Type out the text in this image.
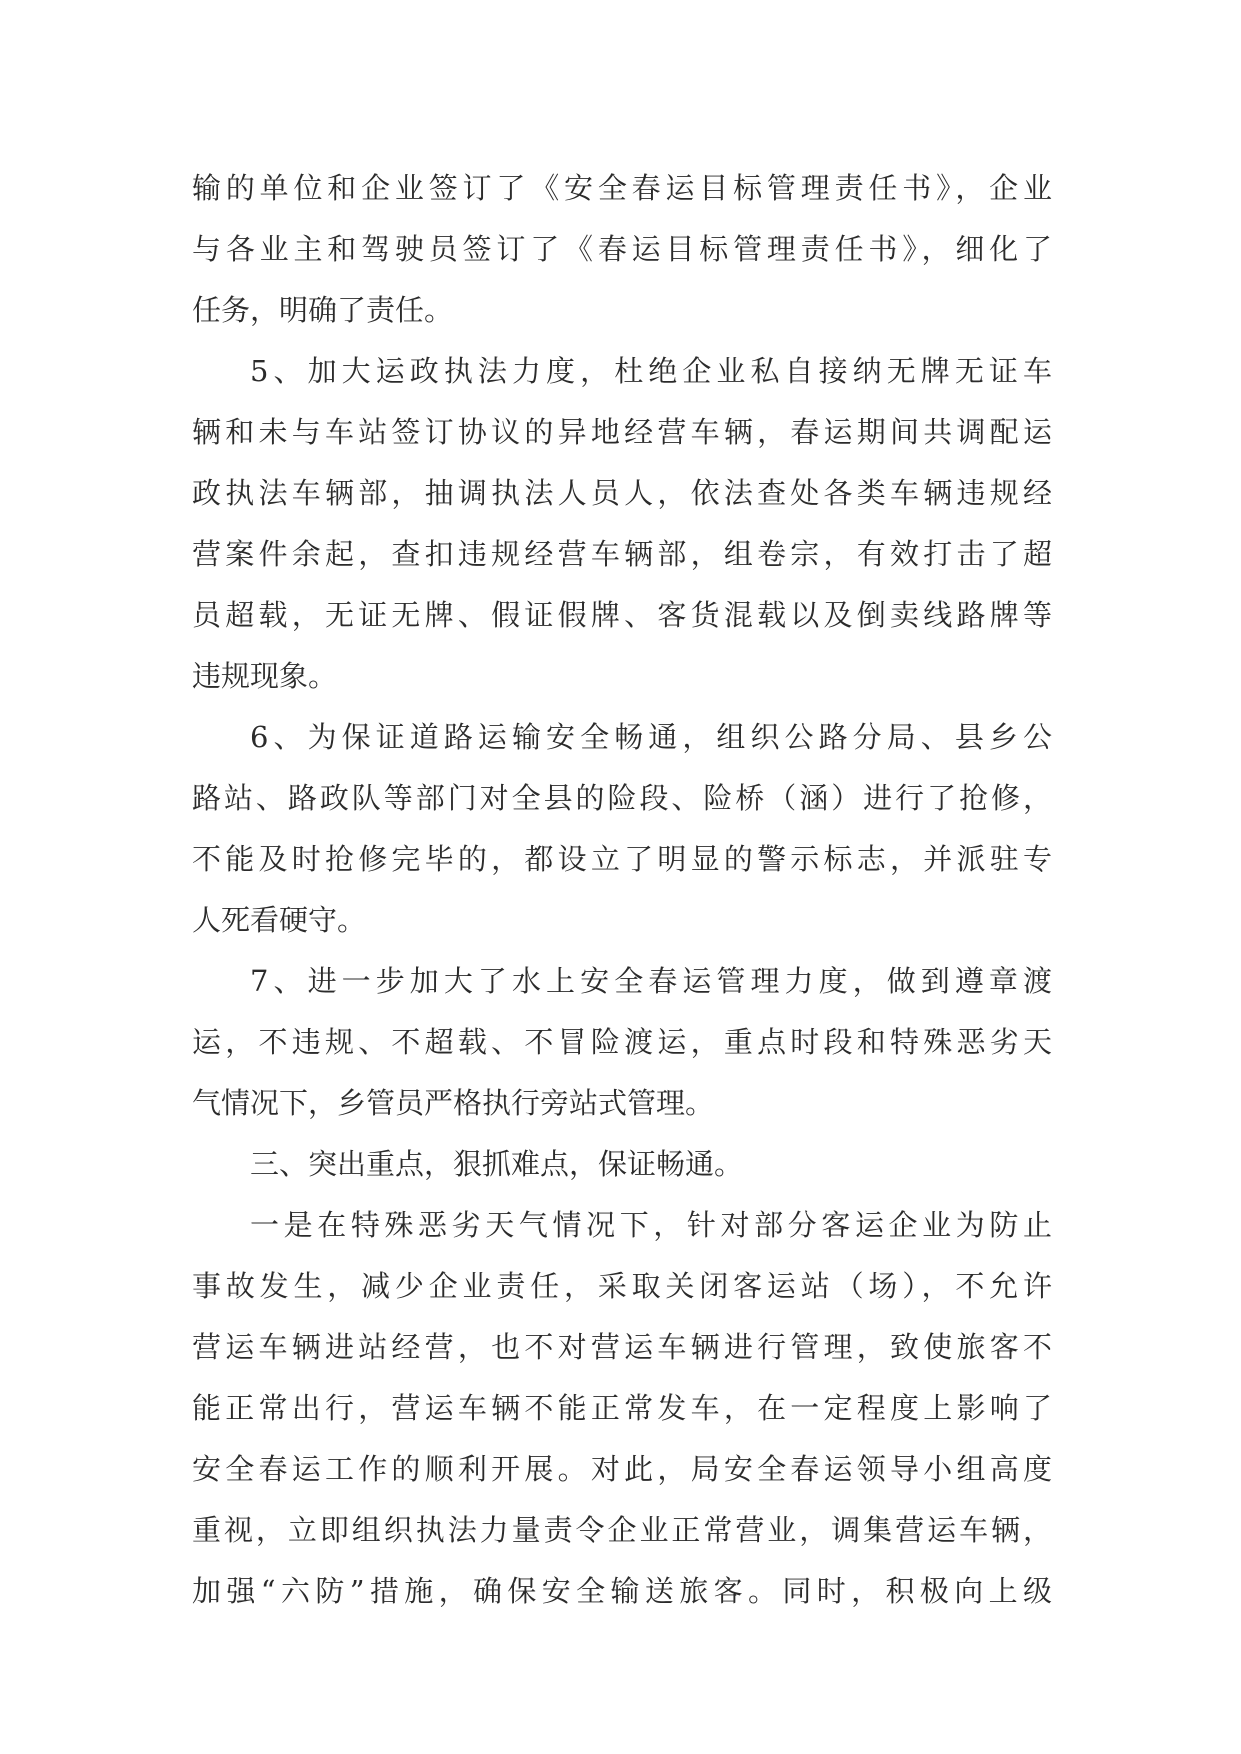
输的单位和企业签订了《安全春运目标管理责任书》，企业
与各业主和驾驶员签订了《春运目标管理责任书》，细化了
任务，明确了责任。
5、加大运政执法力度，杜绝企业私自接纳无牌无证车
辆和未与车站签订协议的异地经营车辆，春运期间共调配运
政执法车辆部，抽调执法人员人，依法查处各类车辆违规经
营案件余起，查扣违规经营车辆部，组卷宗，有效打击了超
员超载，无证无牌、假证假牌、客货混载以及倒卖线路牌等
违规现象。
6、为保证道路运输安全畅通，组织公路分局、县乡公
路站、路政队等部门对全县的险段、险桥（涵）进行了抢修，
不能及时抢修完毕的，都设立了明显的警示标志，并派驻专
人死看硬守。
7、进一步加大了水上安全春运管理力度，做到遵章渡
运，不违规、不超载、不冒险渡运，重点时段和特殊恶劣天
气情况下，乡管员严格执行旁站式管理。
三、突出重点，狠抓难点，保证畅通。
一是在特殊恶劣天气情况下，针对部分客运企业为防止
事故发生，减少企业责任，采取关闭客运站（场），不允许
营运车辆进站经营，也不对营运车辆进行管理，致使旅客不
能正常出行，营运车辆不能正常发车，在一定程度上影响了
安全春运工作的顺利开展。对此，局安全春运领导小组高度
重视，立即组织执法力量责令企业正常营业，调集营运车辆，
加强“六防”措施，确保安全输送旅客。同时，积极向上级
